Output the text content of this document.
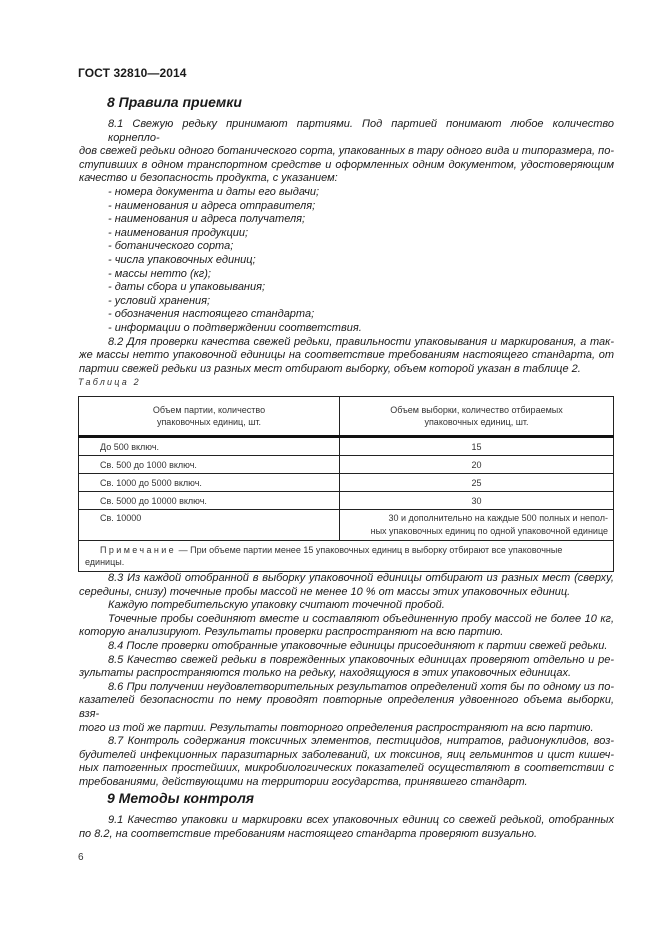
ГОСТ 32810—2014
8 Правила приемки
8.1 Свежую редьку принимают партиями. Под партией понимают любое количество корнепло-
дов свежей редьки одного ботанического сорта, упакованных в тару одного вида и типоразмера, по-
ступивших в одном транспортном средстве и оформленных одним документом, удостоверяющим
качество и безопасность продукта, с указанием:
- номера документа и даты его выдачи;
- наименования и адреса отправителя;
- наименования и адреса получателя;
- наименования продукции;
- ботанического сорта;
- числа упаковочных единиц;
- массы нетто (кг);
- даты сбора и упаковывания;
- условий хранения;
- обозначения настоящего стандарта;
- информации о подтверждении соответствия.
8.2 Для проверки качества свежей редьки, правильности упаковывания и маркирования, а так-
же массы нетто упаковочной единицы на соответствие требованиям настоящего стандарта, от
партии свежей редьки из разных мест отбирают выборку, объем которой указан в таблице 2.
Таблица 2
Объем партии, количество
упаковочных единиц, шт.	Объем выборки, количество отбираемых
упаковочных единиц, шт.
До 500 включ.	15
Св. 500 до 1000 включ.	20
Св. 1000 до 5000 включ.	25
Св. 5000 до 10000 включ.	30
Св. 10000	30 и дополнительно на каждые 500 полных и непол-
ных упаковочных единиц по одной упаковочной единице
Примечание — При объеме партии менее 15 упаковочных единиц в выборку отбирают все упаковочные
единицы.	
8.3 Из каждой отобранной в выборку упаковочной единицы отбирают из разных мест (сверху,
середины, снизу) точечные пробы массой не менее 10 % от массы этих упаковочных единиц.
Каждую потребительскую упаковку считают точечной пробой.
Точечные пробы соединяют вместе и составляют объединенную пробу массой не более 10 кг,
которую анализируют. Результаты проверки распространяют на всю партию.
8.4 После проверки отобранные упаковочные единицы присоединяют к партии свежей редьки.
8.5 Качество свежей редьки в поврежденных упаковочных единицах проверяют отдельно и ре-
зультаты распространяются только на редьку, находящуюся в этих упаковочных единицах.
8.6 При получении неудовлетворительных результатов определений хотя бы по одному из по-
казателей безопасности по нему проводят повторные определения удвоенного объема выборки, взя-
того из той же партии. Результаты повторного определения распространяют на всю партию.
8.7 Контроль содержания токсичных элементов, пестицидов, нитратов, радионуклидов, воз-
будителей инфекционных паразитарных заболеваний, их токсинов, яиц гельминтов и цист кишеч-
ных патогенных простейших, микробиологических показателей осуществляют в соответствии с
требованиями, действующими на территории государства, принявшего стандарт.
9 Методы контроля
9.1 Качество упаковки и маркировки всех упаковочных единиц со свежей редькой, отобранных
по 8.2, на соответствие требованиям настоящего стандарта проверяют визуально.
6
